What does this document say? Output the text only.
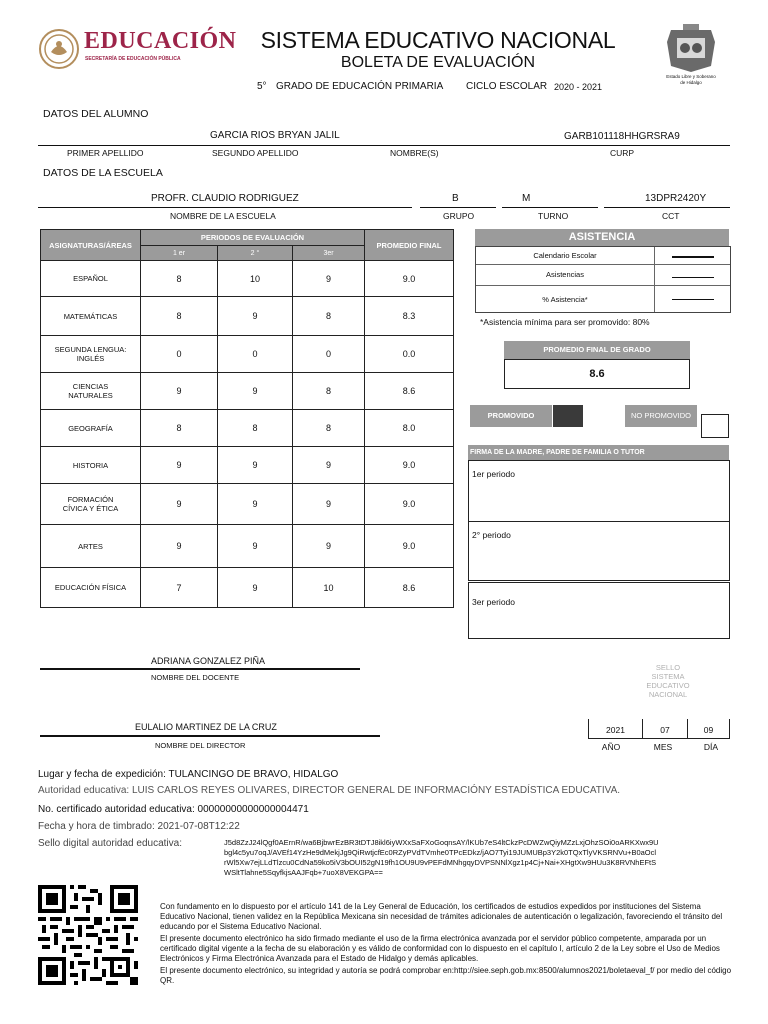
EDUCACIÓN
SECRETARÍA DE EDUCACIÓN PÚBLICA
SISTEMA EDUCATIVO NACIONAL
BOLETA DE EVALUACIÓN
5° GRADO DE EDUCACIÓN PRIMARIA CICLO ESCOLAR 2020 - 2021
Estado Libre y Soberano
de Hidalgo
DATOS DEL ALUMNO
GARCIA RIOS BRYAN JALIL	GARB101118HHGRSRA9
PRIMER APELLIDO	SEGUNDO APELLIDO	NOMBRE(S)	CURP
DATOS DE LA ESCUELA
PROFR. CLAUDIO RODRIGUEZ	B	M	13DPR2420Y
NOMBRE DE LA ESCUELA	GRUPO	TURNO	CCT
ASIGNATURAS/ÁREAS	PERIODOS DE EVALUACIÓN			PROMEDIO FINAL
	1 er	2 °	3er	
ESPAÑOL	8	10	9	9.0
MATEMÁTICAS	8	9	8	8.3
SEGUNDA LENGUA: INGLÉS	0	0	0	0.0
CIENCIAS NATURALES	9	9	8	8.6
GEOGRAFÍA	8	8	8	8.0
HISTORIA	9	9	9	9.0
FORMACIÓN CÍVICA Y ÉTICA	9	9	9	9.0
ARTES	9	9	9	9.0
EDUCACIÓN FÍSICA	7	9	10	8.6
ASISTENCIA
Calendario Escolar
Asistencias
% Asistencia*
*Asistencia mínima para ser promovido: 80%
PROMEDIO FINAL DE GRADO
8.6
PROMOVIDO	NO PROMOVIDO
FIRMA DE LA MADRE, PADRE DE FAMILIA O TUTOR
1er periodo
2° periodo
3er periodo
ADRIANA GONZALEZ PIÑA
NOMBRE DEL DOCENTE
SELLO
SISTEMA
EDUCATIVO
NACIONAL
EULALIO MARTINEZ DE LA CRUZ
NOMBRE DEL DIRECTOR
2021	07	09
AÑO	MES	DÍA
Lugar y fecha de expedición: TULANCINGO DE BRAVO, HIDALGO
Autoridad educativa: LUIS CARLOS REYES OLIVARES, DIRECTOR GENERAL DE INFORMACIÓNY ESTADÍSTICA EDUCATIVA.
No. certificado autoridad educativa: 00000000000000004471
Fecha y hora de timbrado: 2021-07-08T12:22
Sello digital autoridad educativa:	J5d8ZzJ24lQgf0AErnR/wa6BjbwrEzBR3tDTJ8ikl6iyWXxSaFXoGoqnsAY/lKUb7eS4ltCkzPcDWZwQiyMZzLxjOhzSOi0oARKXwx9U
bgl4c5yu7oqJ/AVEf14YzHe9dMekjJg9QiRwtjcfEc0RZyPVdTVmhe0TPcEDkz/jAO7Tyi19JUMUBp3Y2k0TQxTlyVKSRNVu+B0aOcl
rWl5Xw7ejLLdTlzcu0CdNa59ko5iV3bOUI52gN19fh1OU9U9vPEFdMNhgqyDVPSNNlXgz1p4Cj+Nai+XHgtXw9HUu3K8RVNhEFtS
WSltTlahne5SqyfkjsAAJFqb+7uoX8VEKGPA==

Con fundamento en lo dispuesto por el artículo 141 de la Ley General de Educación, los certificados de estudios expedidos por instituciones del Sistema Educativo Nacional, tienen validez en la República Mexicana sin necesidad de trámites adicionales de autenticación o legalización, favoreciendo el tránsito del educando por el Sistema Educativo Nacional.

El presente documento electrónico ha sido firmado mediante el uso de la firma electrónica avanzada por el servidor público competente, amparada por un certificado digital vigente a la fecha de su elaboración y es válido de conformidad con lo dispuesto en el capítulo I, artículo 2 de la Ley sobre el Uso de Medios Electrónicos y Firma Electrónica Avanzada para el Estado de Hidalgo y demás aplicables.

El presente documento electrónico, su integridad y autoría se podrá comprobar en:http://siee.seph.gob.mx:8500/alumnos2021/boletaeval_f/ por medio del código QR.
